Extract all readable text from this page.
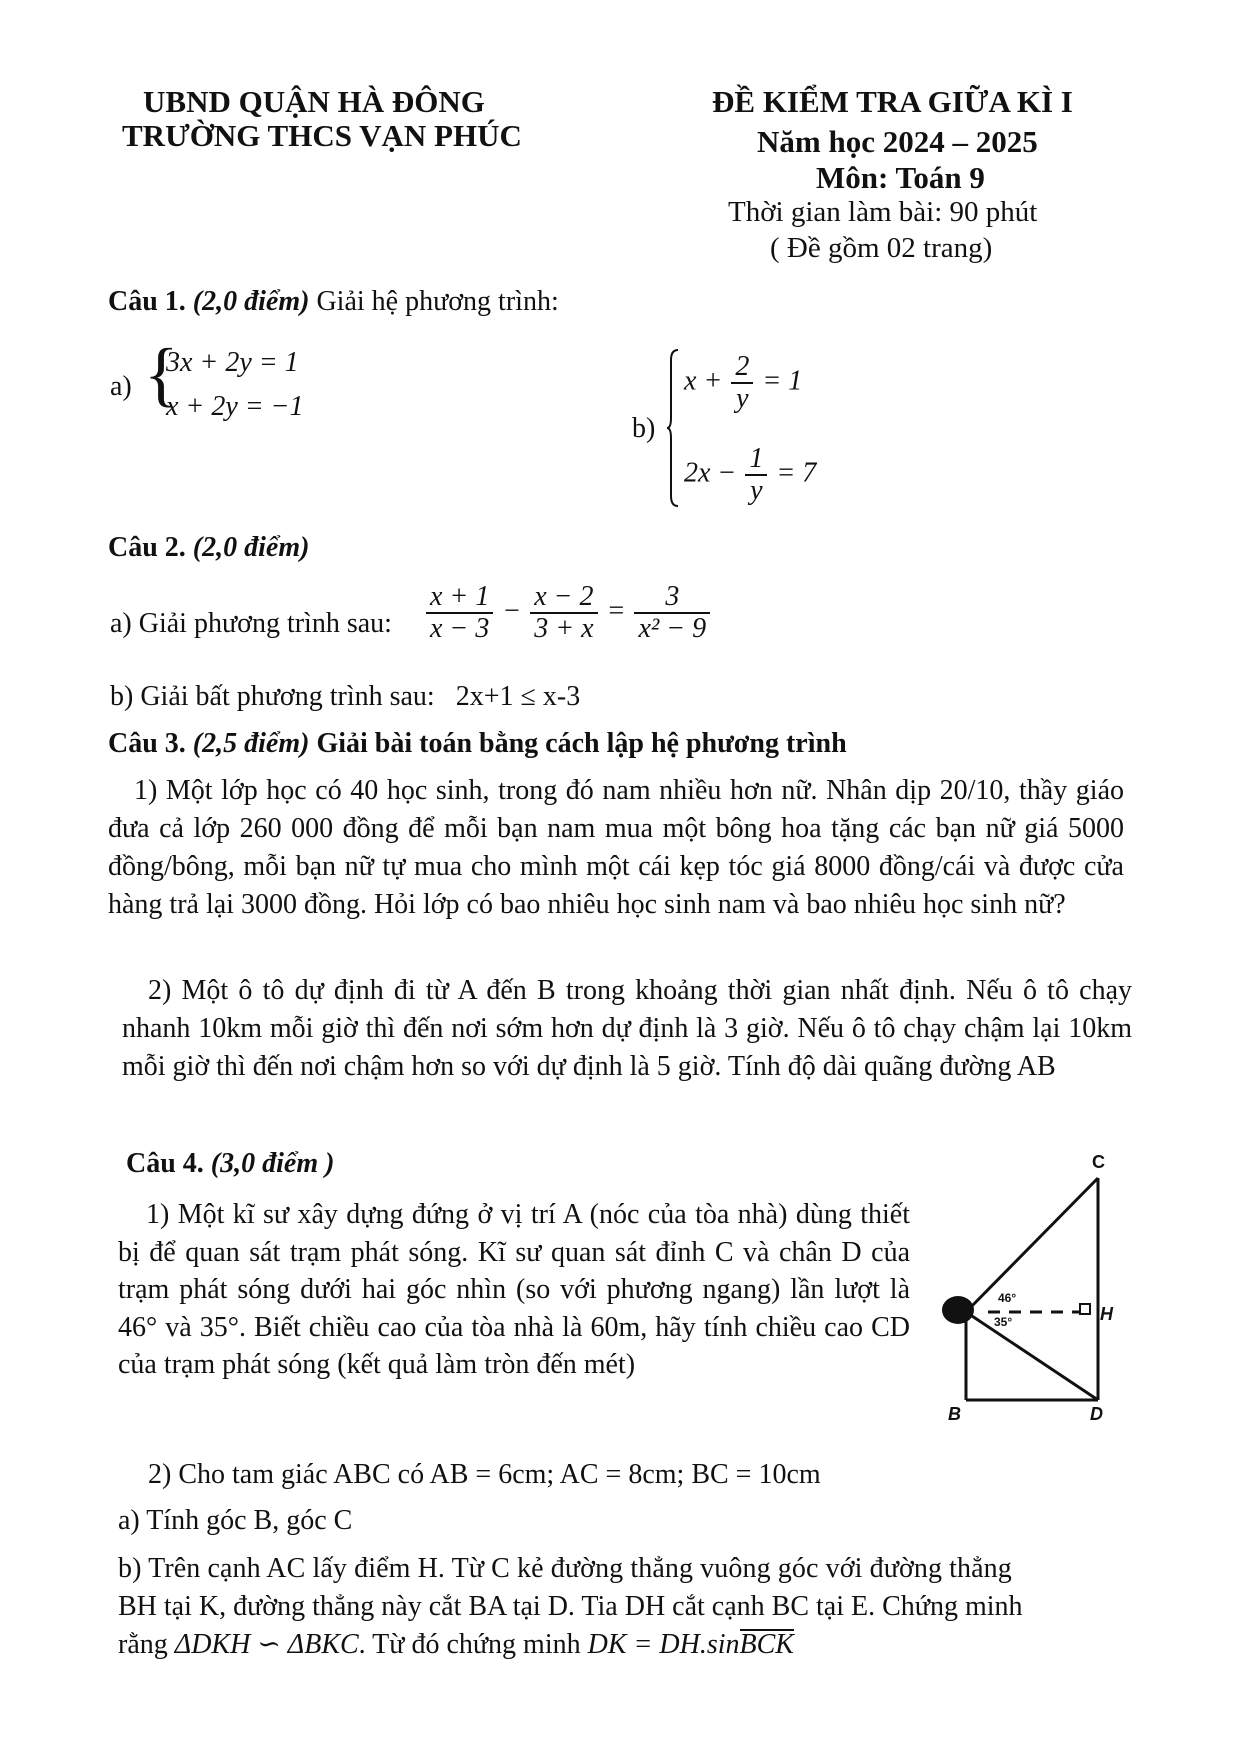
UBND QUẬN HÀ ĐÔNG
TRƯỜNG THCS VẠN PHÚC
ĐỀ KIỂM TRA GIỮA KÌ I
Năm học 2024 – 2025
Môn: Toán 9
Thời gian làm bài: 90 phút
( Đề gồm 02 trang)
Câu 1. (2,0 điểm) Giải hệ phương trình:
a) {
3x + 2y = 1
x + 2y = −1
b)
$x + \frac{2}{y} = 1$
$2x - \frac{1}{y} = 7$
Câu 2. (2,0 điểm)
a) Giải phương trình sau: $\frac{x + 1}{x - 3} - \frac{x - 2}{3 + x} = \frac{3}{\text{x² − 9}}$
b) Giải bất phương trình sau: 2x+1 ≤ x-3
Câu 3. (2,5 điểm) Giải bài toán bằng cách lập hệ phương trình
1) Một lớp học có 40 học sinh, trong đó nam nhiều hơn nữ. Nhân dịp 20/10, thầy giáo đưa cả lớp 260 000 đồng để mỗi bạn nam mua một bông hoa tặng các bạn nữ giá 5000 đồng/bông, mỗi bạn nữ tự mua cho mình một cái kẹp tóc giá 8000 đồng/cái và được cửa hàng trả lại 3000 đồng. Hỏi lớp có bao nhiêu học sinh nam và bao nhiêu học sinh nữ?
2) Một ô tô dự định đi từ A đến B trong khoảng thời gian nhất định. Nếu ô tô chạy nhanh 10km mỗi giờ thì đến nơi sớm hơn dự định là 3 giờ. Nếu ô tô chạy chậm lại 10km mỗi giờ thì đến nơi chậm hơn so với dự định là 5 giờ. Tính độ dài quãng đường AB
Câu 4. (3,0 điểm )
1) Một kĩ sư xây dựng đứng ở vị trí A (nóc của tòa nhà) dùng thiết bị để quan sát trạm phát sóng. Kĩ sư quan sát đỉnh C và chân D của trạm phát sóng dưới hai góc nhìn (so với phương ngang) lần lượt là 46° và 35°. Biết chiều cao của tòa nhà là 60m, hãy tính chiều cao CD của trạm phát sóng (kết quả làm tròn đến mét)
C
H
B	D
46°
35°
2) Cho tam giác ABC có AB = 6cm; AC = 8cm; BC = 10cm
a) Tính góc B, góc C
b) Trên cạnh AC lấy điểm H. Từ C kẻ đường thẳng vuông góc với đường thẳng
BH tại K, đường thẳng này cắt BA tại D. Tia DH cắt cạnh BC tại E. Chứng minh
rằng ΔDKH ∽ ΔBKC. Từ đó chứng minh DK = DH.sinBCK
